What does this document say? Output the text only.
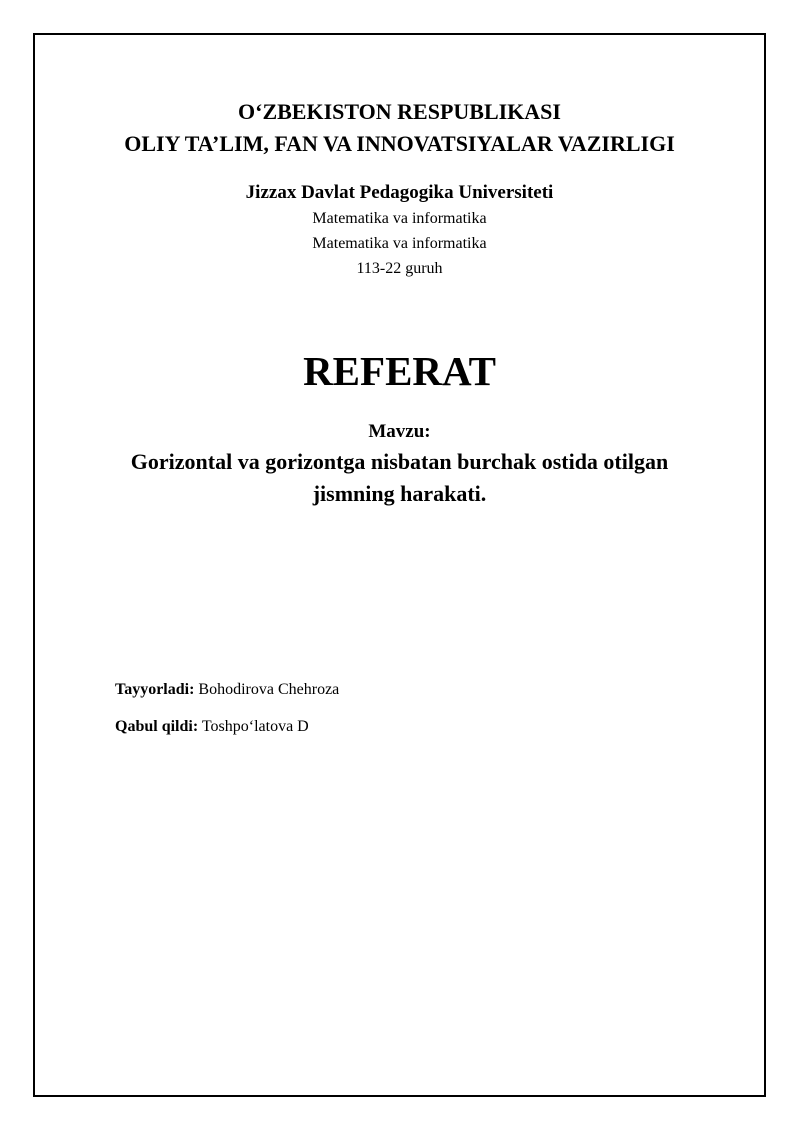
O‘ZBEKISTON RESPUBLIKASI
OLIY TA’LIM, FAN VA INNOVATSIYALAR VAZIRLIGI
Jizzax Davlat Pedagogika Universiteti
Matematika va informatika
Matematika va informatika
113-22 guruh
REFERAT
Mavzu:
Gorizontal va gorizontga nisbatan burchak ostida otilgan
jismning harakati.
Tayyorladi: Bohodirova Chehroza
Qabul qildi: Toshpo‘latova D
